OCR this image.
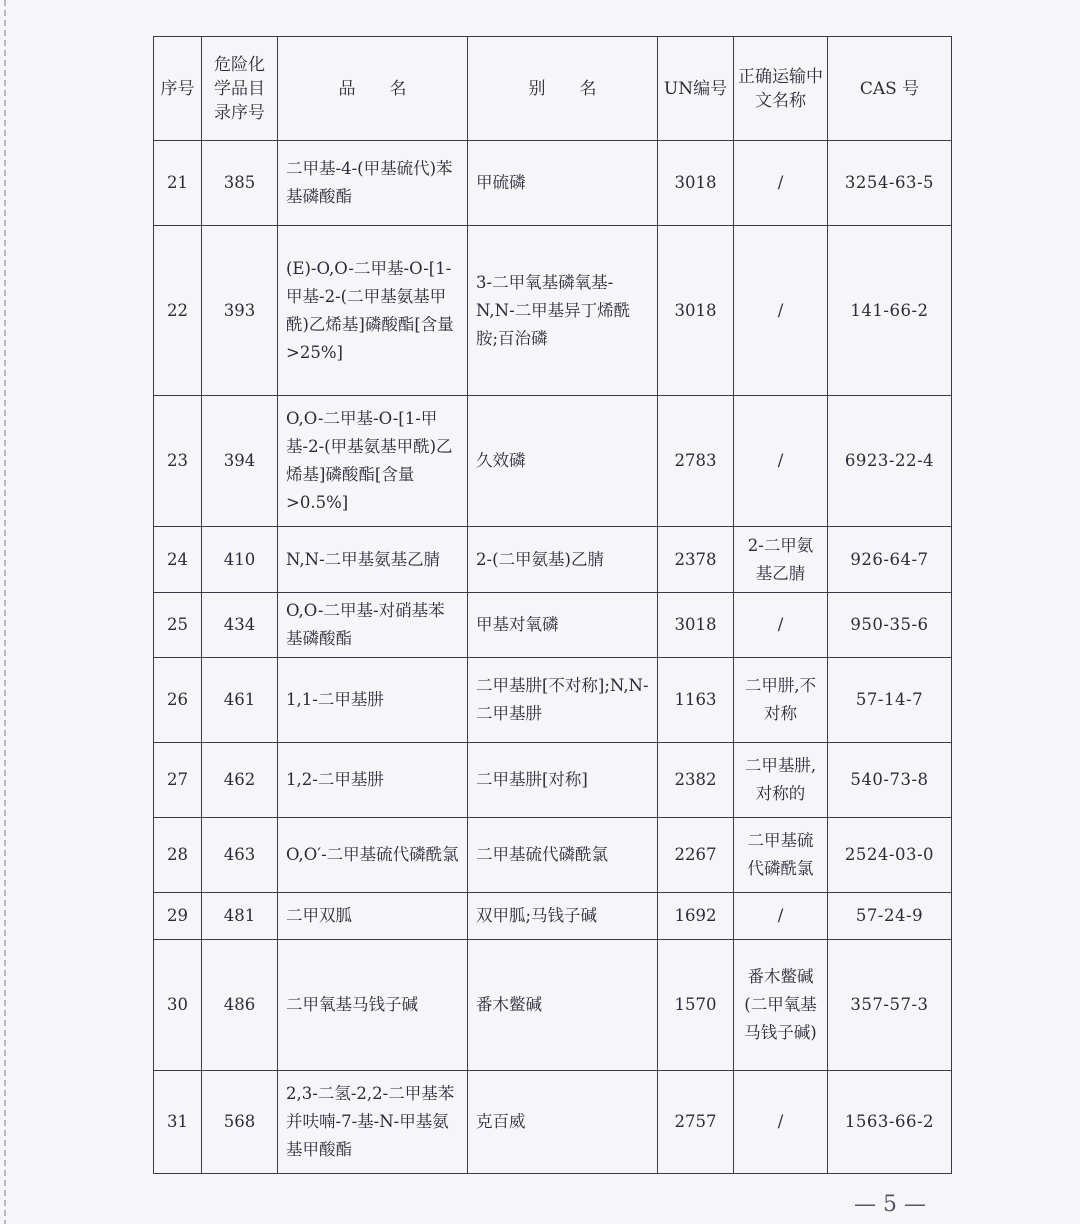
序号	危险化学品目录序号	品　　名	别　　名	UN编号	正确运输中文名称	CAS 号
21	385	二甲基-4-(甲基硫代)苯基磷酸酯	甲硫磷	3018	/	3254-63-5
22	393	(E)-O,O-二甲基-O-[1-甲基-2-(二甲基氨基甲酰)乙烯基]磷酸酯[含量>25%]	3-二甲氧基磷氧基-N,N-二甲基异丁烯酰胺;百治磷	3018	/	141-66-2
23	394	O,O-二甲基-O-[1-甲基-2-(甲基氨基甲酰)乙烯基]磷酸酯[含量>0.5%]	久效磷	2783	/	6923-22-4
24	410	N,N-二甲基氨基乙腈	2-(二甲氨基)乙腈	2378	2-二甲氨基乙腈	926-64-7
25	434	O,O-二甲基-对硝基苯基磷酸酯	甲基对氧磷	3018	/	950-35-6
26	461	1,1-二甲基肼	二甲基肼[不对称];N,N-二甲基肼	1163	二甲肼,不对称	57-14-7
27	462	1,2-二甲基肼	二甲基肼[对称]	2382	二甲基肼,对称的	540-73-8
28	463	O,O′-二甲基硫代磷酰氯	二甲基硫代磷酰氯	2267	二甲基硫代磷酰氯	2524-03-0
29	481	二甲双胍	双甲胍;马钱子碱	1692	/	57-24-9
30	486	二甲氧基马钱子碱	番木鳖碱	1570	番木鳖碱(二甲氧基马钱子碱)	357-57-3
31	568	2,3-二氢-2,2-二甲基苯并呋喃-7-基-N-甲基氨基甲酸酯	克百威	2757	/	1563-66-2
— 5 —
